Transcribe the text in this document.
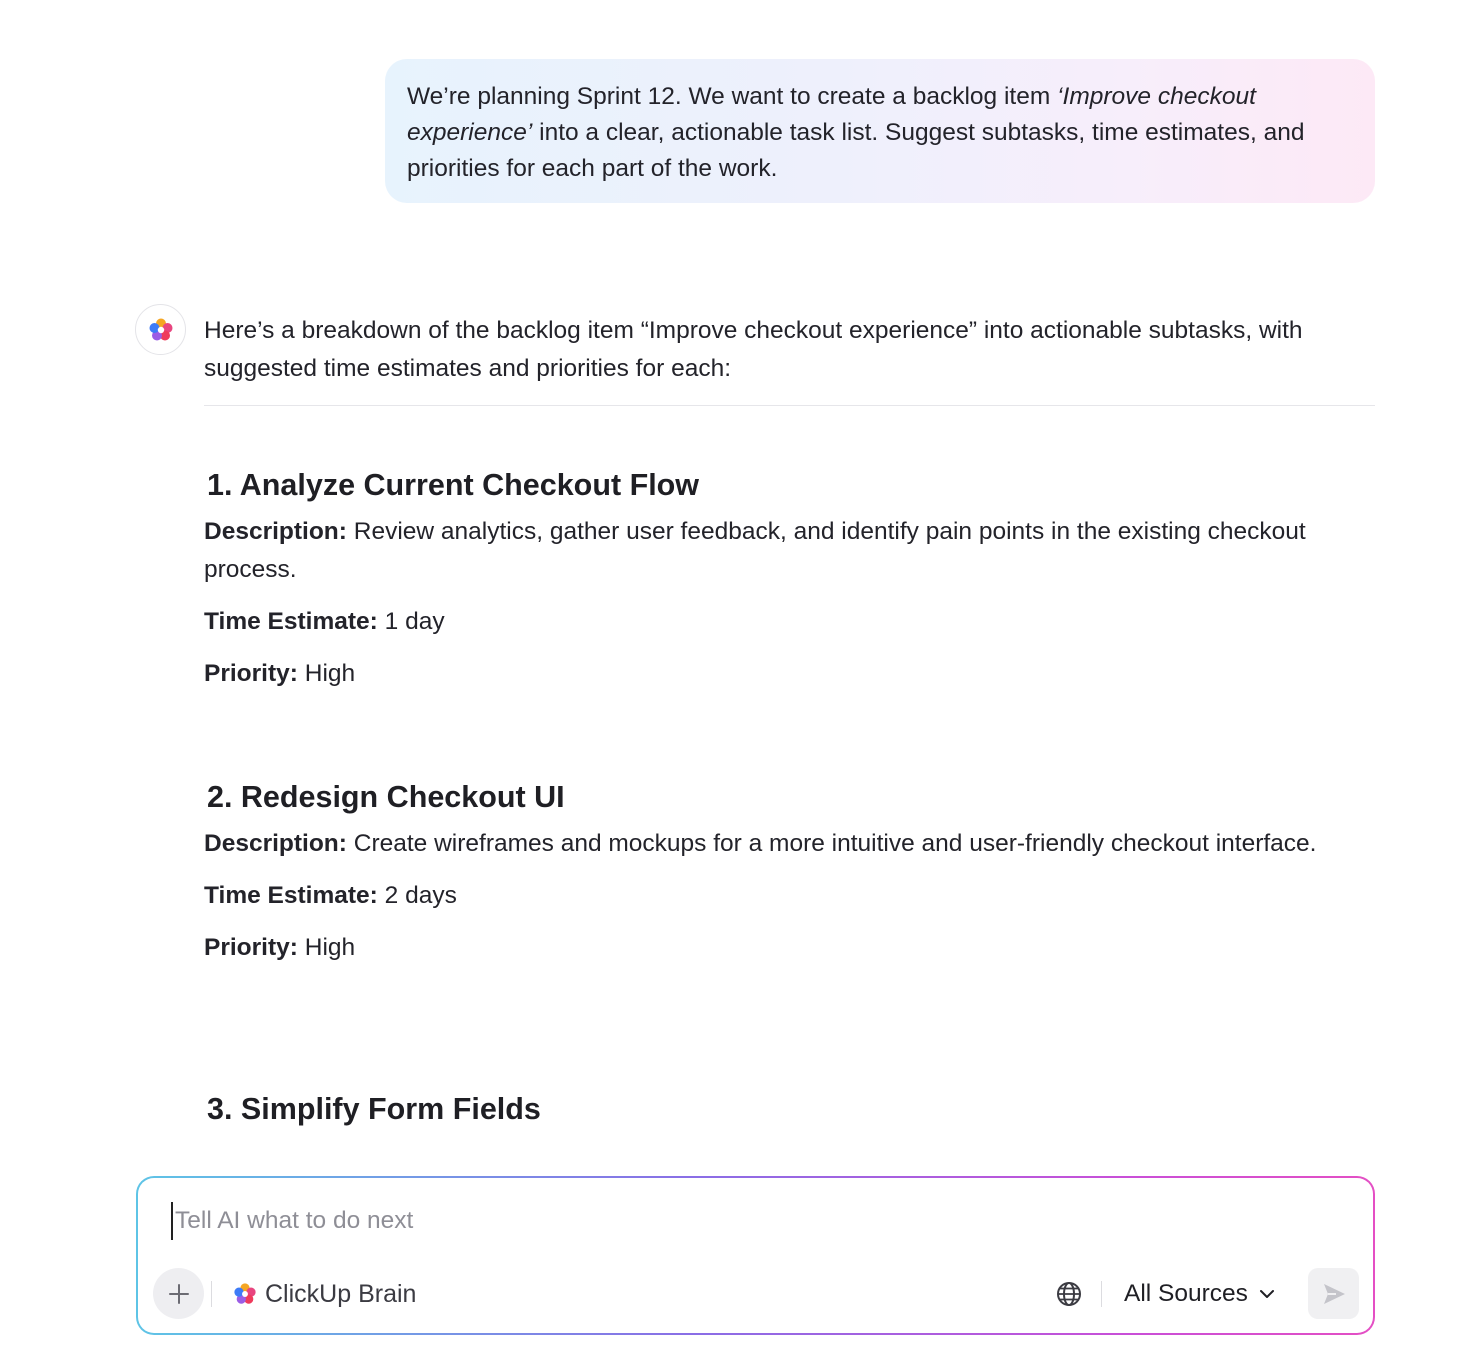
We’re planning Sprint 12. We want to create a backlog item ‘Improve checkout experience’ into a clear, actionable task list. Suggest subtasks, time estimates, and priorities for each part of the work.

Here’s a breakdown of the backlog item “Improve checkout experience” into actionable subtasks, with suggested time estimates and priorities for each:

1. Analyze Current Checkout Flow

Description: Review analytics, gather user feedback, and identify pain points in the existing checkout process.

Time Estimate: 1 day

Priority: High

2. Redesign Checkout UI

Description: Create wireframes and mockups for a more intuitive and user-friendly checkout interface.

Time Estimate: 2 days

Priority: High

3. Simplify Form Fields
Tell AI what to do next
ClickUp Brain	All Sources
